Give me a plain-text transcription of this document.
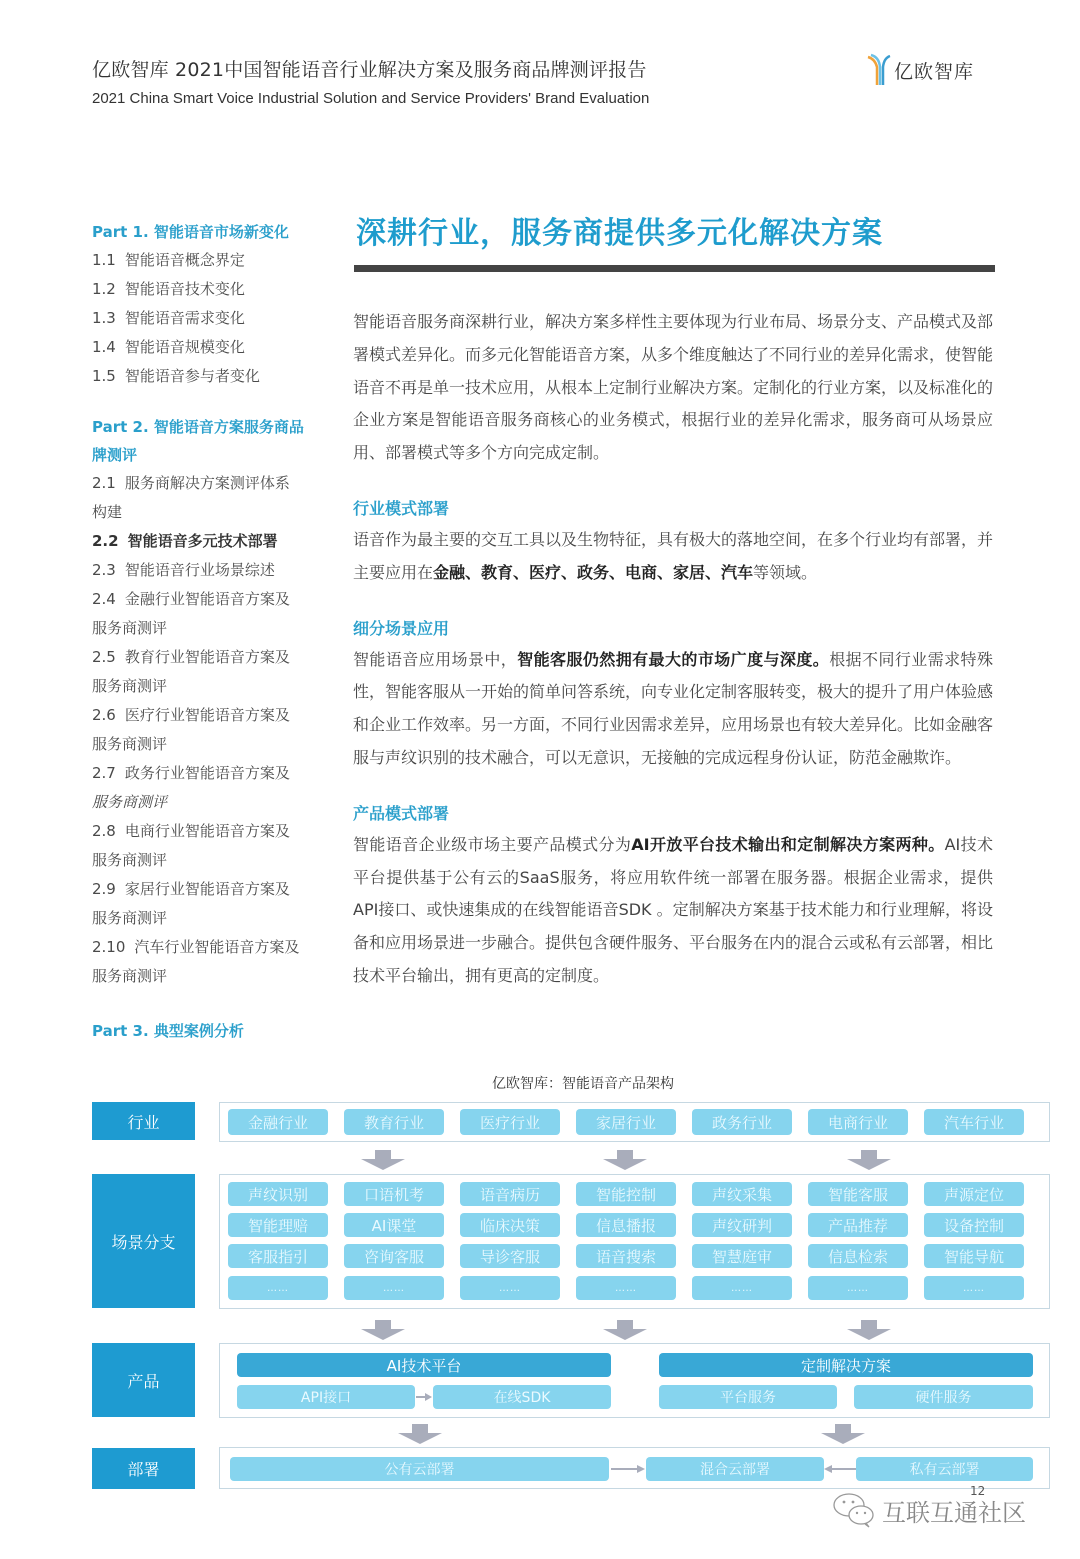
亿欧智库 2021中国智能语音行业解决方案及服务商品牌测评报告
2021 China Smart Voice Industrial Solution and Service Providers' Brand Evaluation
亿欧智库
Part 1. 智能语音市场新变化
1.1 智能语音概念界定
1.2 智能语音技术变化
1.3 智能语音需求变化
1.4 智能语音规模变化
1.5 智能语音参与者变化
Part 2. 智能语音方案服务商品
牌测评
2.1 服务商解决方案测评体系
构建
2.2 智能语音多元技术部署
2.3 智能语音行业场景综述
2.4 金融行业智能语音方案及
服务商测评
2.5 教育行业智能语音方案及
服务商测评
2.6 医疗行业智能语音方案及
服务商测评
2.7 政务行业智能语音方案及
服务商测评
2.8 电商行业智能语音方案及
服务商测评
2.9 家居行业智能语音方案及
服务商测评
2.10 汽车行业智能语音方案及
服务商测评
Part 3. 典型案例分析
深耕行业，服务商提供多元化解决方案

智能语音服务商深耕行业，解决方案多样性主要体现为行业布局、场景分支、产品模式及部署模式差异化。而多元化智能语音方案，从多个维度触达了不同行业的差异化需求，使智能语音不再是单一技术应用，从根本上定制行业解决方案。定制化的行业方案，以及标准化的企业方案是智能语音服务商核心的业务模式，根据行业的差异化需求，服务商可从场景应用、部署模式等多个方向完成定制。

行业模式部署

语音作为最主要的交互工具以及生物特征，具有极大的落地空间，在多个行业均有部署，并主要应用在金融、教育、医疗、政务、电商、家居、汽车等领域。

细分场景应用

智能语音应用场景中，智能客服仍然拥有最大的市场广度与深度。根据不同行业需求特殊性，智能客服从一开始的简单问答系统，向专业化定制客服转变，极大的提升了用户体验感和企业工作效率。另一方面，不同行业因需求差异，应用场景也有较大差异化。比如金融客服与声纹识别的技术融合，可以无意识，无接触的完成远程身份认证，防范金融欺诈。

产品模式部署

智能语音企业级市场主要产品模式分为AI开放平台技术输出和定制解决方案两种。AI技术平台提供基于公有云的SaaS服务，将应用软件统一部署在服务器。根据企业需求，提供API接口、或快速集成的在线智能语音SDK 。定制解决方案基于技术能力和行业理解，将设备和应用场景进一步融合。提供包含硬件服务、平台服务在内的混合云或私有云部署，相比技术平台输出，拥有更高的定制度。

亿欧智库：智能语音产品架构
行业	金融行业	教育行业	医疗行业	家居行业	政务行业	电商行业	汽车行业
场景分支
声纹识别	口语机考	语音病历	智能控制	声纹采集	智能客服	声源定位
智能理赔	AI课堂	临床决策	信息播报	声纹研判	产品推荐	设备控制
客服指引	咨询客服	导诊客服	语音搜索	智慧庭审	信息检索	智能导航
……	……	……	……	……	……	……
产品
AI技术平台
API接口	在线SDK
定制解决方案
平台服务	硬件服务
部署	公有云部署	混合云部署	私有云部署
12
互联互通社区
